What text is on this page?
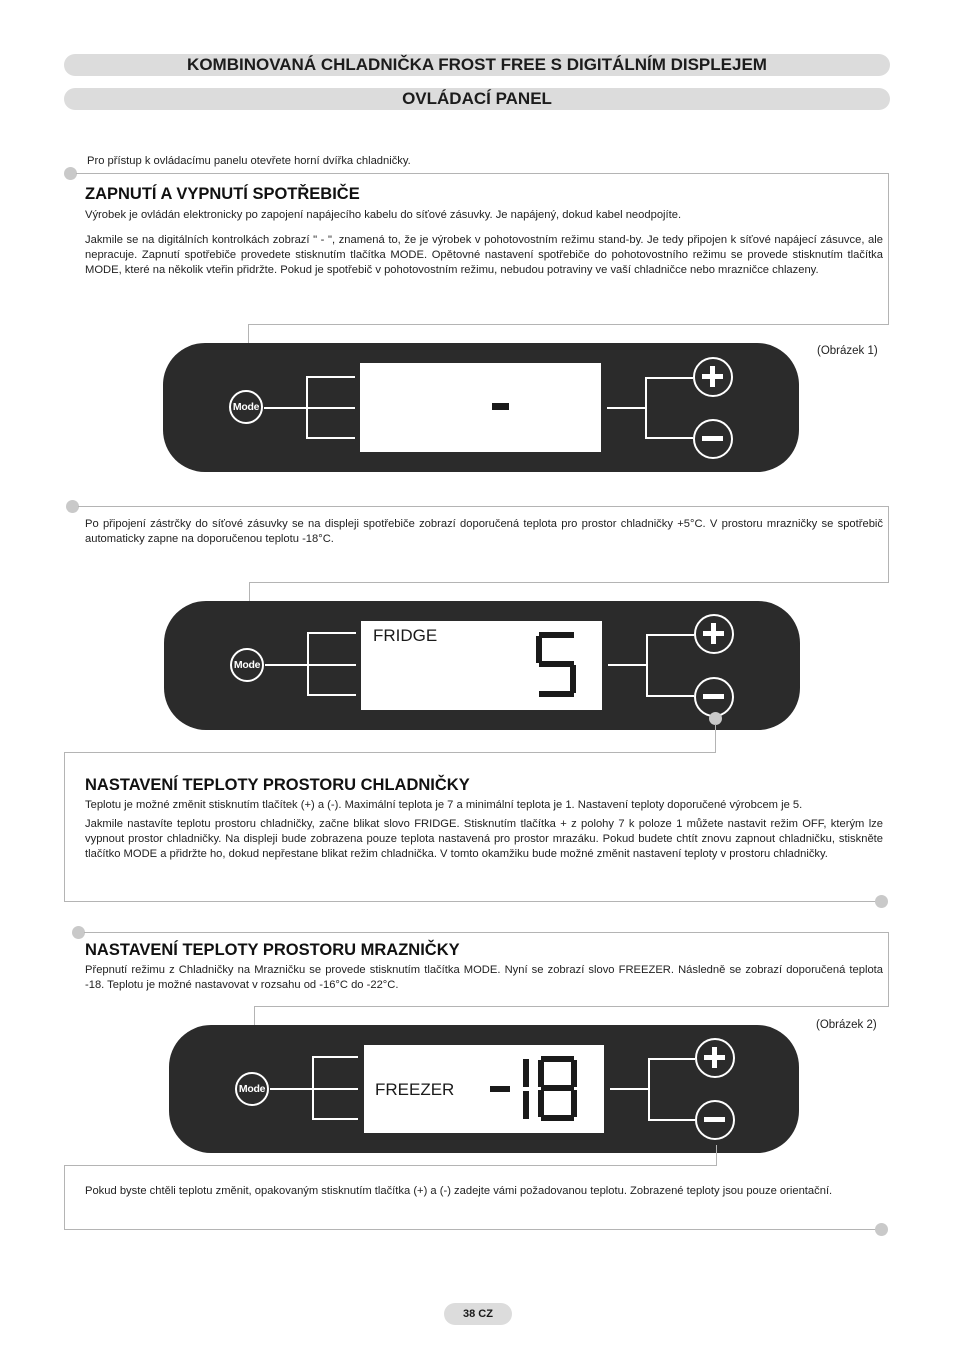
KOMBINOVANÁ CHLADNIČKA FROST FREE S DIGITÁLNÍM DISPLEJEM
OVLÁDACÍ PANEL
Pro přístup k ovládacímu panelu otevřete horní dvířka chladničky.
ZAPNUTÍ A VYPNUTÍ SPOTŘEBIČE
Výrobek je ovládán elektronicky po zapojení napájecího kabelu do síťové zásuvky. Je napájený, dokud kabel neodpojíte.
Jakmile se na digitálních kontrolkách zobrazí " - ", znamená to, že je výrobek v pohotovostním režimu stand-by. Je tedy připojen k síťové napájecí zásuvce, ale nepracuje. Zapnutí spotřebiče provedete stisknutím tlačítka MODE. Opětovné nastavení spotřebiče do pohotovostního režimu se provede stisknutím tlačítka MODE, které na několik vteřin přidržte. Pokud je spotřebič v pohotovostním režimu, nebudou potraviny ve vaší chladničce nebo mrazničce chlazeny.
(Obrázek 1)
Mode
Po připojení zástrčky do síťové zásuvky se na displeji spotřebiče zobrazí doporučená teplota pro prostor chladničky +5°C. V prostoru mrazničky se spotřebič automaticky zapne na doporučenou teplotu -18°C.
Mode
FRIDGE
NASTAVENÍ TEPLOTY PROSTORU CHLADNIČKY
Teplotu je možné změnit stisknutím tlačítek (+) a (-). Maximální teplota je 7 a minimální teplota je 1. Nastavení teploty doporučené výrobcem je 5.
Jakmile nastavíte teplotu prostoru chladničky, začne blikat slovo FRIDGE. Stisknutím tlačítka + z polohy 7 k poloze 1 můžete nastavit režim OFF, kterým lze vypnout prostor chladničky. Na displeji bude zobrazena pouze teplota nastavená pro prostor mrazáku. Pokud budete chtít znovu zapnout chladničku, stiskněte tlačítko MODE a přidržte ho, dokud nepřestane blikat režim chladnička. V tomto okamžiku bude možné změnit nastavení teploty v prostoru chladničky.
NASTAVENÍ TEPLOTY PROSTORU MRAZNIČKY
Přepnutí režimu z Chladničky na Mrazničku se provede stisknutím tlačítka MODE. Nyní se zobrazí slovo FREEZER. Následně se zobrazí doporučená teplota -18. Teplotu je možné nastavovat v rozsahu od -16°C do -22°C.
(Obrázek 2)
Mode	FREEZER
Pokud byste chtěli teplotu změnit, opakovaným stisknutím tlačítka (+) a (-) zadejte vámi požadovanou teplotu. Zobrazené teploty jsou pouze orientační.
38 CZ
